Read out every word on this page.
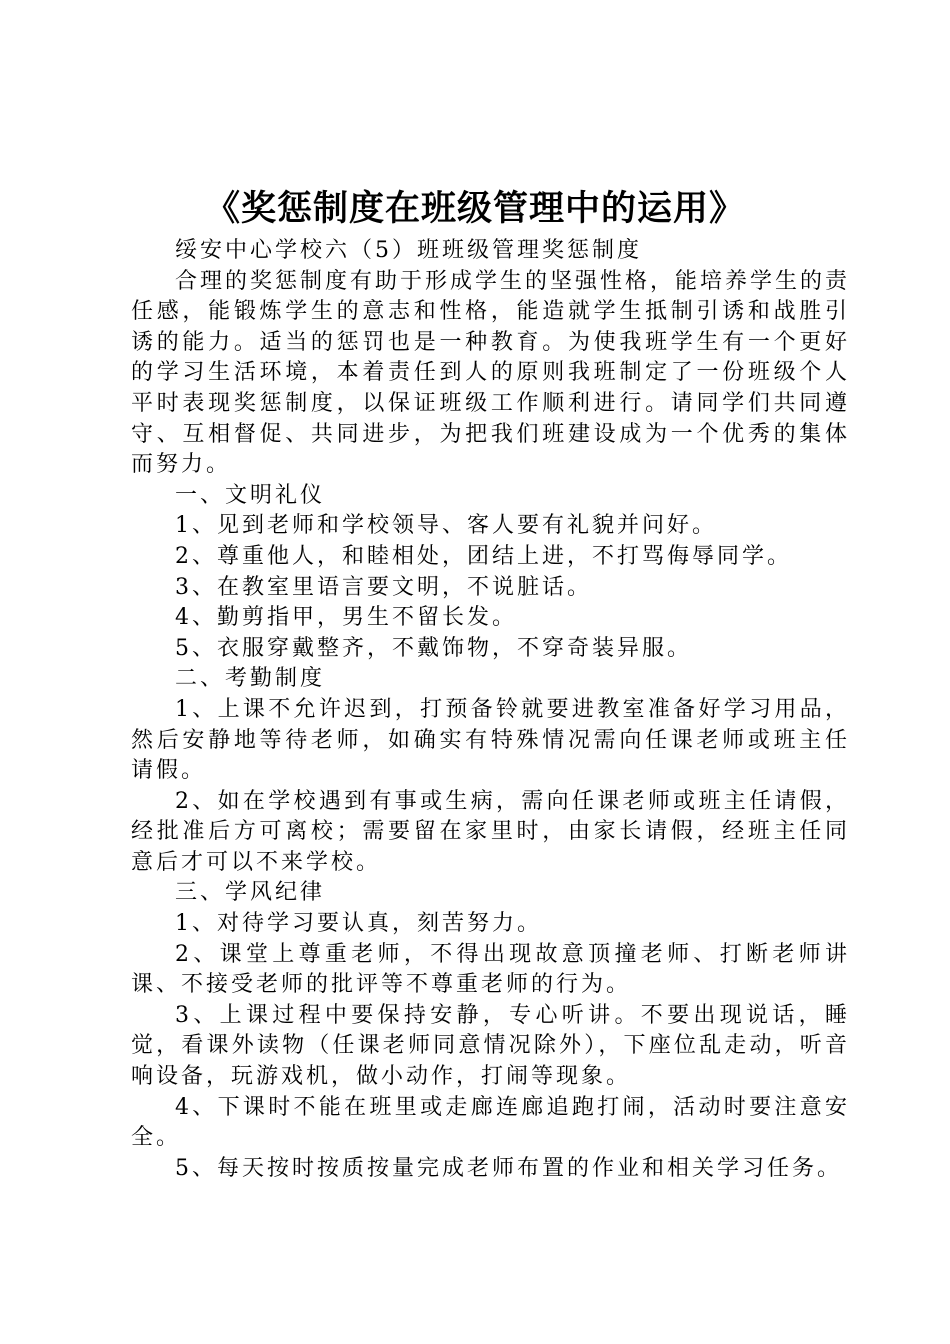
《奖惩制度在班级管理中的运用》

绥安中心学校六（5）班班级管理奖惩制度

合理的奖惩制度有助于形成学生的坚强性格，能培养学生的责任感，能锻炼学生的意志和性格，能造就学生抵制引诱和战胜引诱的能力。适当的惩罚也是一种教育。为使我班学生有一个更好的学习生活环境，本着责任到人的原则我班制定了一份班级个人平时表现奖惩制度，以保证班级工作顺利进行。请同学们共同遵守、互相督促、共同进步，为把我们班建设成为一个优秀的集体而努力。

一、文明礼仪

1、见到老师和学校领导、客人要有礼貌并问好。

2、尊重他人，和睦相处，团结上进，不打骂侮辱同学。

3、在教室里语言要文明，不说脏话。

4、勤剪指甲，男生不留长发。

5、衣服穿戴整齐，不戴饰物，不穿奇装异服。

二、考勤制度

1、上课不允许迟到，打预备铃就要进教室准备好学习用品，然后安静地等待老师，如确实有特殊情况需向任课老师或班主任请假。

2、如在学校遇到有事或生病，需向任课老师或班主任请假，经批准后方可离校；需要留在家里时，由家长请假，经班主任同意后才可以不来学校。

三、学风纪律

1、对待学习要认真，刻苦努力。

2、课堂上尊重老师，不得出现故意顶撞老师、打断老师讲课、不接受老师的批评等不尊重老师的行为。

3、上课过程中要保持安静，专心听讲。不要出现说话，睡觉，看课外读物（任课老师同意情况除外），下座位乱走动，听音响设备，玩游戏机，做小动作，打闹等现象。

4、下课时不能在班里或走廊连廊追跑打闹，活动时要注意安全。

5、每天按时按质按量完成老师布置的作业和相关学习任务。
